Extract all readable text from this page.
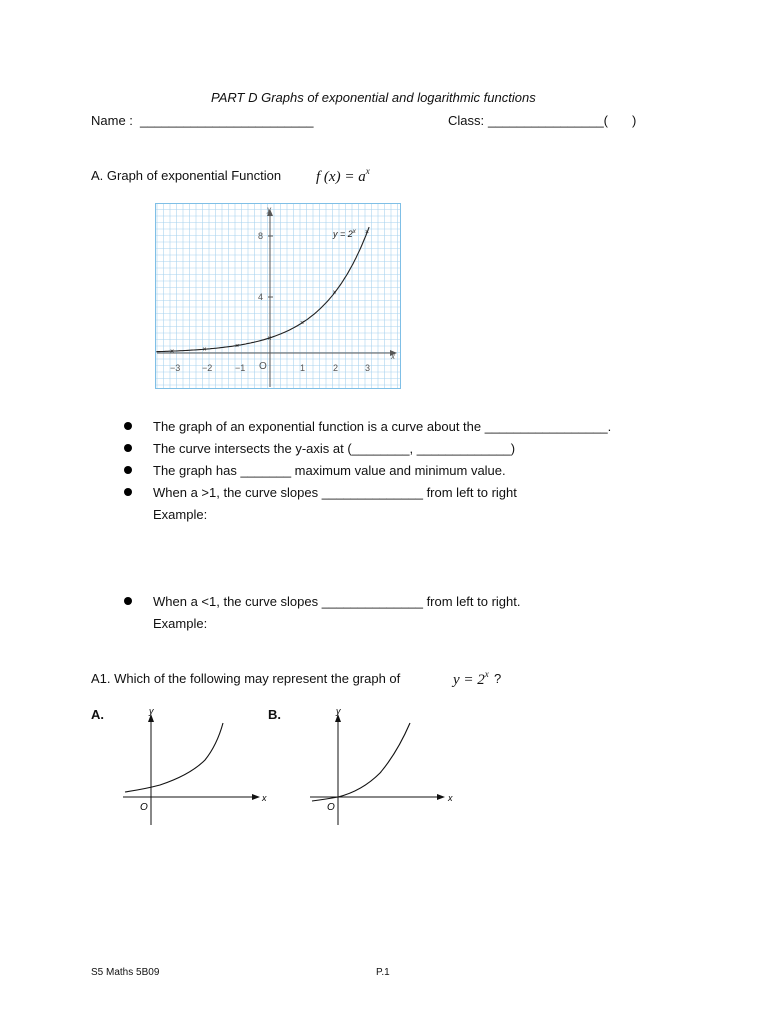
PART D Graphs of exponential and logarithmic functions
Name : ________________________	Class: ________________( )
A. Graph of exponential Function f $(x) = a^x$
y
x
O
−3 −2	−1	1	2	3
8
4
×	×
×
×
×
×
×
$y = 2^x$
The graph of an exponential function is a curve about the _________________.
The curve intersects the y-axis at (________, _____________)
The graph has _______ maximum value and minimum value.
When a >1, the curve slopes ______________ from left to right
Example:
When a <1, the curve slopes ______________ from left to right.
Example:
A1. Which of the following may represent the graph of	$y = 2^x$ ?
A.	y
x
O
B.	y
x
O
S5 Maths 5B09	P.1
